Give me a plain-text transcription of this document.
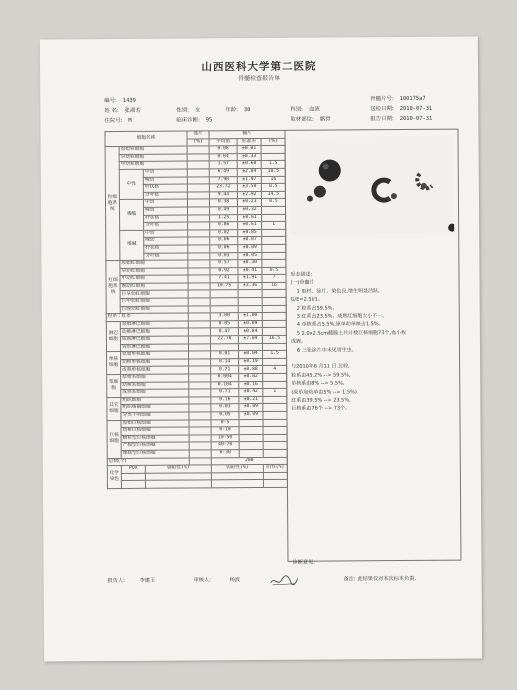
山西医科大学第二医院
骨髓检查报告单
编号: 1439
姓 名: 张淑芳
住院号: M
性别: 女
临床诊断: 95
年龄: 30	科别: 血液
取材部位: 髂骨
骨髓片号: 100175a7
送检日期: 2010-07-31
报告日期: 2010-07-31
细胞名称			血片	髓片		
			(%)	平均值	标准差	(%)
粒细胞系统	原始粒细胞			0.08	±0.01	
	早幼粒细胞			0.64	±0.33	
	中幼粒细胞			1.57	±0.60	1.5
	中性	中幼		6.49	±2.04	10.5
		晚幼		7.90	±1.97	16
		杆状核		23.72	±3.50	8.5
		分叶核		9.44	±2.92	14.5
	嗜酸	中幼		0.38	±0.23	0.5
		晚幼		0.49	±0.32	
		杆状核		1.25	±0.61	
		分叶核		0.86	±0.61	1
	嗜碱	中幼		0.02	±0.05	
		晚幼		0.06	±0.07	
		杆状核		0.06	±0.09	
		分叶核		0.03	±0.05	
红细胞系统	原始红细胞			0.57	±0.30	
	早幼红细胞			0.92	±0.41	0.5
	中幼红细胞			7.41	±1.91	7
	晚幼红细胞			10.75	±3.36	16
	巨早幼红细胞					
	巨中幼红细胞					
	巨晚幼红细胞					
粒系 : 红系				3.00	±1.00	
淋巴细胞	原始淋巴细胞			0.05	±0.09	
	幼稚淋巴细胞			0.47	±0.84	
	成熟淋巴细胞			22.78	±7.04	16.5
	异形淋巴细胞					
单核细胞	原始单核细胞			0.01	±0.04	1.5
	幼稚单核细胞			0.14	±0.19	
	成熟单核细胞			0.71	±0.88	4
浆细胞	原始浆细胞			0.004	±0.02	
	幼稚浆细胞			0.104	±0.16	
	成熟浆细胞			0.71	±0.42	1
其它细胞	组织细胞			0.16	±0.21	
	组织嗜碱细胞			0.03	±0.09	
	分类不明细胞			0.05	±0.09	
巨核细胞	原始巨核细胞			0-5		
	幼稚巨核细胞			0-10		
	颗粒型巨核细胞			10-50		
	产板型巨核细胞			40-70		
	裸核型巨核细胞			0-30		
总数(个)				200		
化学染色	POX	强阳性(%)		弱阳性(%)		阴性(%)

形态描述:
(一)骨髓片
1 取材、涂片、染色良,增生明显活跃,
G/E=2.5l/1。
2 粒系占59.5%。
3 红系占23.5%。成熟红细胞大小不一。
4 单核系占5.5%,原单幼单核占1.5%。
5 2.0x2.5cm髓膜上共计数巨核细胞73个,血小板
成簇。
6 三张涂片中未见寄生虫。
与2010年6 月11 日 比较,
粒系由45.2% --> 59.5%,
单核系由8% --> 5.5%,
(原单加幼单由5% --> 1.5%)
红系由39.5% --> 23.5%,
巨核系由76个 --> 73个。
诊断意见:
报告人:	李建玉	审核人:	杨波	备注: 此结果仅对本次标本负责.
